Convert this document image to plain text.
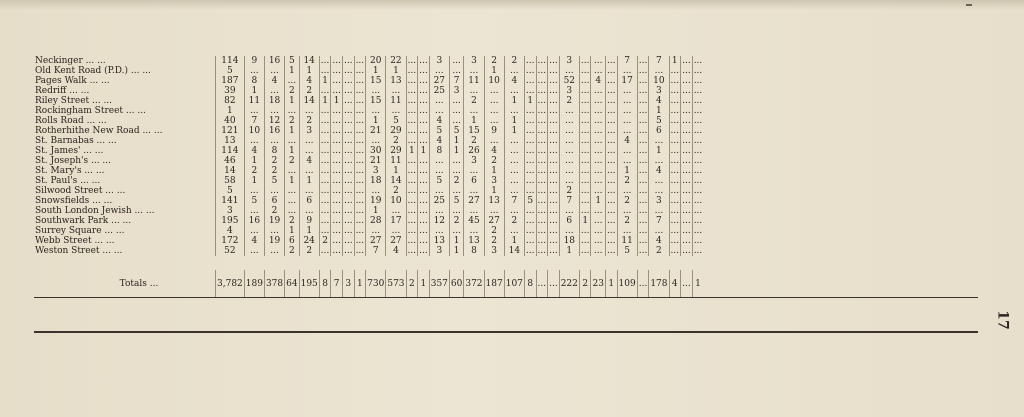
Neckinger ... ...	114	9	16	5	14	...	...	...	...	20	22	...	...	3	...	3	2	2	...	...	...	3	...	...	...	7	...	7	1	...	...
Old Kent Road (P.D.) ... ...	5	...	...	1	1	...	...	...	...	1	1	...	...	...	...	...	1	...	...	...	...	...	...	...	...	...	...	...	...	...	...
Pages Walk ... ...	187	8	4	...	4	1	...	...	...	15	13	...	...	27	7	11	10	4	...	...	...	52	...	4	...	17	...	10	...	...	...
Redriff ... ...	39	1	...	2	2	...	...	...	...	...	...	...	...	25	3	...	...	...	...	...	...	3	...	...	...	...	...	3	...	...	...
Riley Street ... ...	82	11	18	1	14	1	1	...	...	15	11	...	...	...	...	2	...	1	1	...	...	2	...	...	...	...	...	4	...	...	...
Rockingham Street ... ...	1	...	...	...	...	...	...	...	...	...	...	...	...	...	...	...	...	...	...	...	...	...	...	...	...	...	...	1	...	...	...
Rolls Road ... ...	40	7	12	2	2	...	...	...	...	1	5	...	...	4	...	1	...	1	...	...	...	...	...	...	...	...	...	5	...	...	...
Rotherhithe New Road ... ...	121	10	16	1	3	...	...	...	...	21	29	...	...	5	5	15	9	1	...	...	...	...	...	...	...	...	...	6	...	...	...
St. Barnabas ... ...	13	...	...	...	...	...	...	...	...	...	2	...	...	4	1	2	...	...	...	...	...	...	...	...	...	4	...	...	...	...	...
St. James' ... ...	114	4	8	1	...	...	...	...	...	30	29	1	1	8	1	26	4	...	...	...	...	...	...	...	...	...	...	1	...	...	...
St. Joseph's ... ...	46	1	2	2	4	...	...	...	...	21	11	...	...	...	...	3	2	...	...	...	...	...	...	...	...	...	...	...	...	...	...
St. Mary's ... ...	14	2	2	...	...	...	...	...	...	3	1	...	...	...	...	...	1	...	...	...	...	...	...	...	...	1	...	4	...	...	...
St. Paul's ... ...	58	1	5	1	1	...	...	...	...	18	14	...	...	5	2	6	3	...	...	...	...	...	...	...	...	2	...	...	...	...	...
Silwood Street ... ...	5	...	...	...	...	...	...	...	...	...	2	...	...	...	...	...	1	...	...	...	...	2	...	...	...	...	...	...	...	...	...
Snowsfields ... ...	141	5	6	...	6	...	...	...	...	19	10	...	...	25	5	27	13	7	5	...	...	7	...	1	...	2	...	3	...	...	...
South London Jewish ... ...	3	...	2	...	...	...	...	...	...	1	...	...	...	...	...	...	...	...	...	...	...	...	...	...	...	...	...	...	...	...	...
Southwark Park ... ...	195	16	19	2	9	...	...	...	...	28	17	...	...	12	2	45	27	2	...	...	...	6	1	...	...	2	...	7	...	...	...
Surrey Square ... ...	4	...	...	1	1	...	...	...	...	...	...	...	...	...	...	...	2	...	...	...	...	...	...	...	...	...	...	...	...	...	...
Webb Street ... ...	172	4	19	6	24	2	...	...	...	27	27	...	...	13	1	13	2	1	...	...	...	18	...	...	...	11	...	4	...	...	...
Weston Street ... ...	52	...	...	2	2	...	...	...	...	7	4	...	...	3	1	8	3	14	...	...	...	1	...	...	...	5	...	2	...	...	...

Totals ...	3,782	189	378	64	195	8	7	3	1	730	573	2	1	357	60	372	187	107	8	...	...	222	2	23	1	109	...	178	4	...	1
17
